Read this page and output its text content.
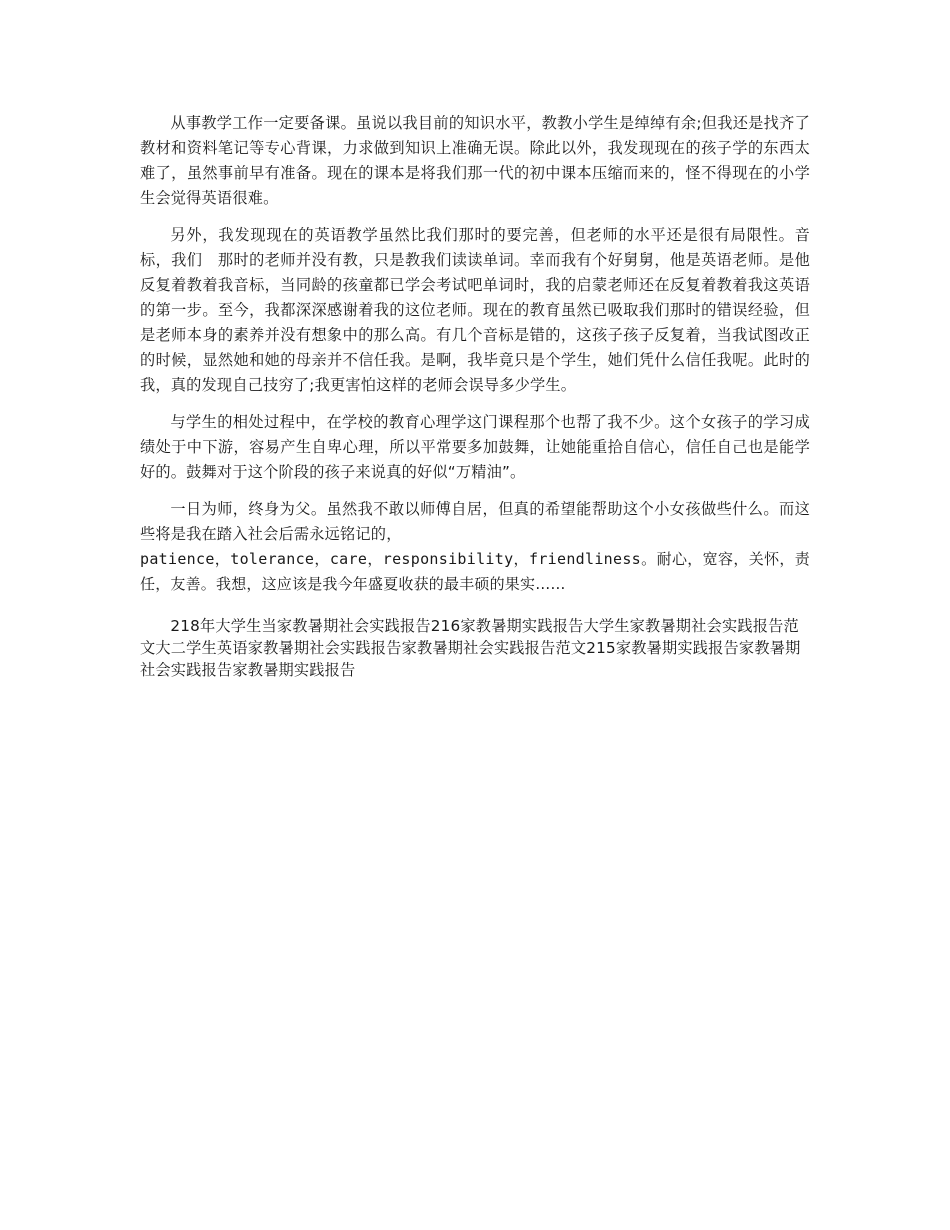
从事教学工作一定要备课。虽说以我目前的知识水平，教教小学生是绰绰有余;但我还是找齐了教材和资料笔记等专心背课，力求做到知识上准确无误。除此以外，我发现现在的孩子学的东西太难了，虽然事前早有准备。现在的课本是将我们那一代的初中课本压缩而来的，怪不得现在的小学生会觉得英语很难。

另外，我发现现在的英语教学虽然比我们那时的要完善，但老师的水平还是很有局限性。音标，我们　那时的老师并没有教，只是教我们读读单词。幸而我有个好舅舅，他是英语老师。是他反复着教着我音标，当同龄的孩童都已学会考试吧单词时，我的启蒙老师还在反复着教着我这英语的第一步。至今，我都深深感谢着我的这位老师。现在的教育虽然已吸取我们那时的错误经验，但是老师本身的素养并没有想象中的那么高。有几个音标是错的，这孩子孩子反复着，当我试图改正的时候，显然她和她的母亲并不信任我。是啊，我毕竟只是个学生，她们凭什么信任我呢。此时的我，真的发现自己技穷了;我更害怕这样的老师会误导多少学生。

与学生的相处过程中，在学校的教育心理学这门课程那个也帮了我不少。这个女孩子的学习成绩处于中下游，容易产生自卑心理，所以平常要多加鼓舞，让她能重拾自信心，信任自己也是能学好的。鼓舞对于这个阶段的孩子来说真的好似“万精油”。

一日为师，终身为父。虽然我不敢以师傅自居，但真的希望能帮助这个小女孩做些什么。而这些将是我在踏入社会后需永远铭记的，
patience，tolerance，care，responsibility，friendliness。耐心，宽容，关怀，责任，友善。我想，这应该是我今年盛夏收获的最丰硕的果实……

218年大学生当家教暑期社会实践报告216家教暑期实践报告大学生家教暑期社会实践报告范文大二学生英语家教暑期社会实践报告家教暑期社会实践报告范文215家教暑期实践报告家教暑期社会实践报告家教暑期实践报告
